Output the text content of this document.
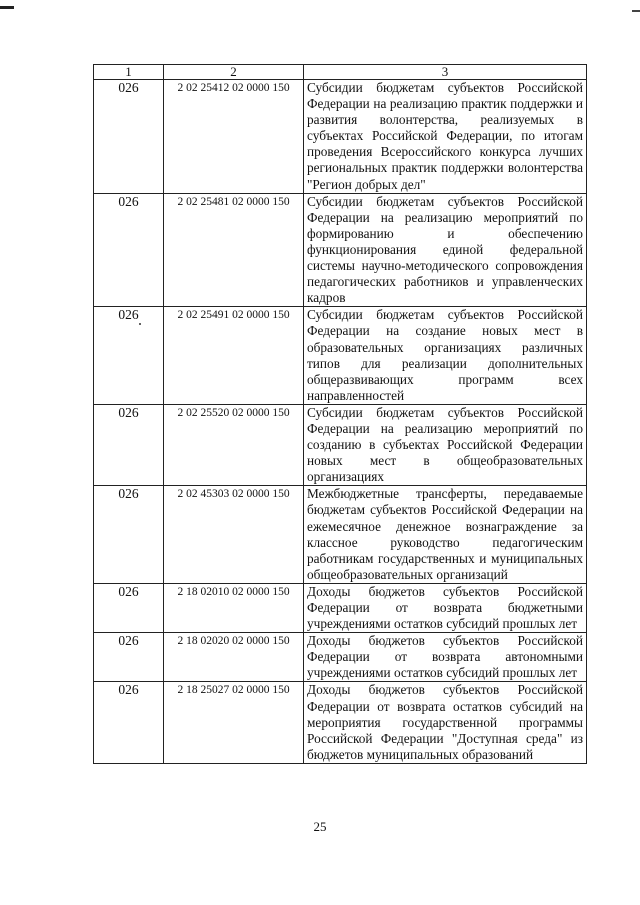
1	2	3
026	2 02 25412 02 0000 150	Субсидии бюджетам субъектов Российской Федерации на реализацию практик поддержки и развития волонтерства, реализуемых в субъектах Российской Федерации, по итогам проведения Всероссийского конкурса лучших региональных практик поддержки волонтерства "Регион добрых дел"
026	2 02 25481 02 0000 150	Субсидии бюджетам субъектов Российской Федерации на реализацию мероприятий по формированию и обеспечению функционирования единой федеральной системы научно-методического сопровождения педагогических работников и управленческих кадров
026	2 02 25491 02 0000 150	Субсидии бюджетам субъектов Российской Федерации на создание новых мест в образовательных организациях различных типов для реализации дополнительных общеразвивающих программ всех направленностей
026	2 02 25520 02 0000 150	Субсидии бюджетам субъектов Российской Федерации на реализацию мероприятий по созданию в субъектах Российской Федерации новых мест в общеобразовательных организациях
026	2 02 45303 02 0000 150	Межбюджетные трансферты, передаваемые бюджетам субъектов Российской Федерации на ежемесячное денежное вознаграждение за классное руководство педагогическим работникам государственных и муниципальных общеобразовательных организаций
026	2 18 02010 02 0000 150	Доходы бюджетов субъектов Российской Федерации от возврата бюджетными учреждениями остатков субсидий прошлых лет
026	2 18 02020 02 0000 150	Доходы бюджетов субъектов Российской Федерации от возврата автономными учреждениями остатков субсидий прошлых лет
026	2 18 25027 02 0000 150	Доходы бюджетов субъектов Российской Федерации от возврата остатков субсидий на мероприятия государственной программы Российской Федерации "Доступная среда" из бюджетов муниципальных образований
25
